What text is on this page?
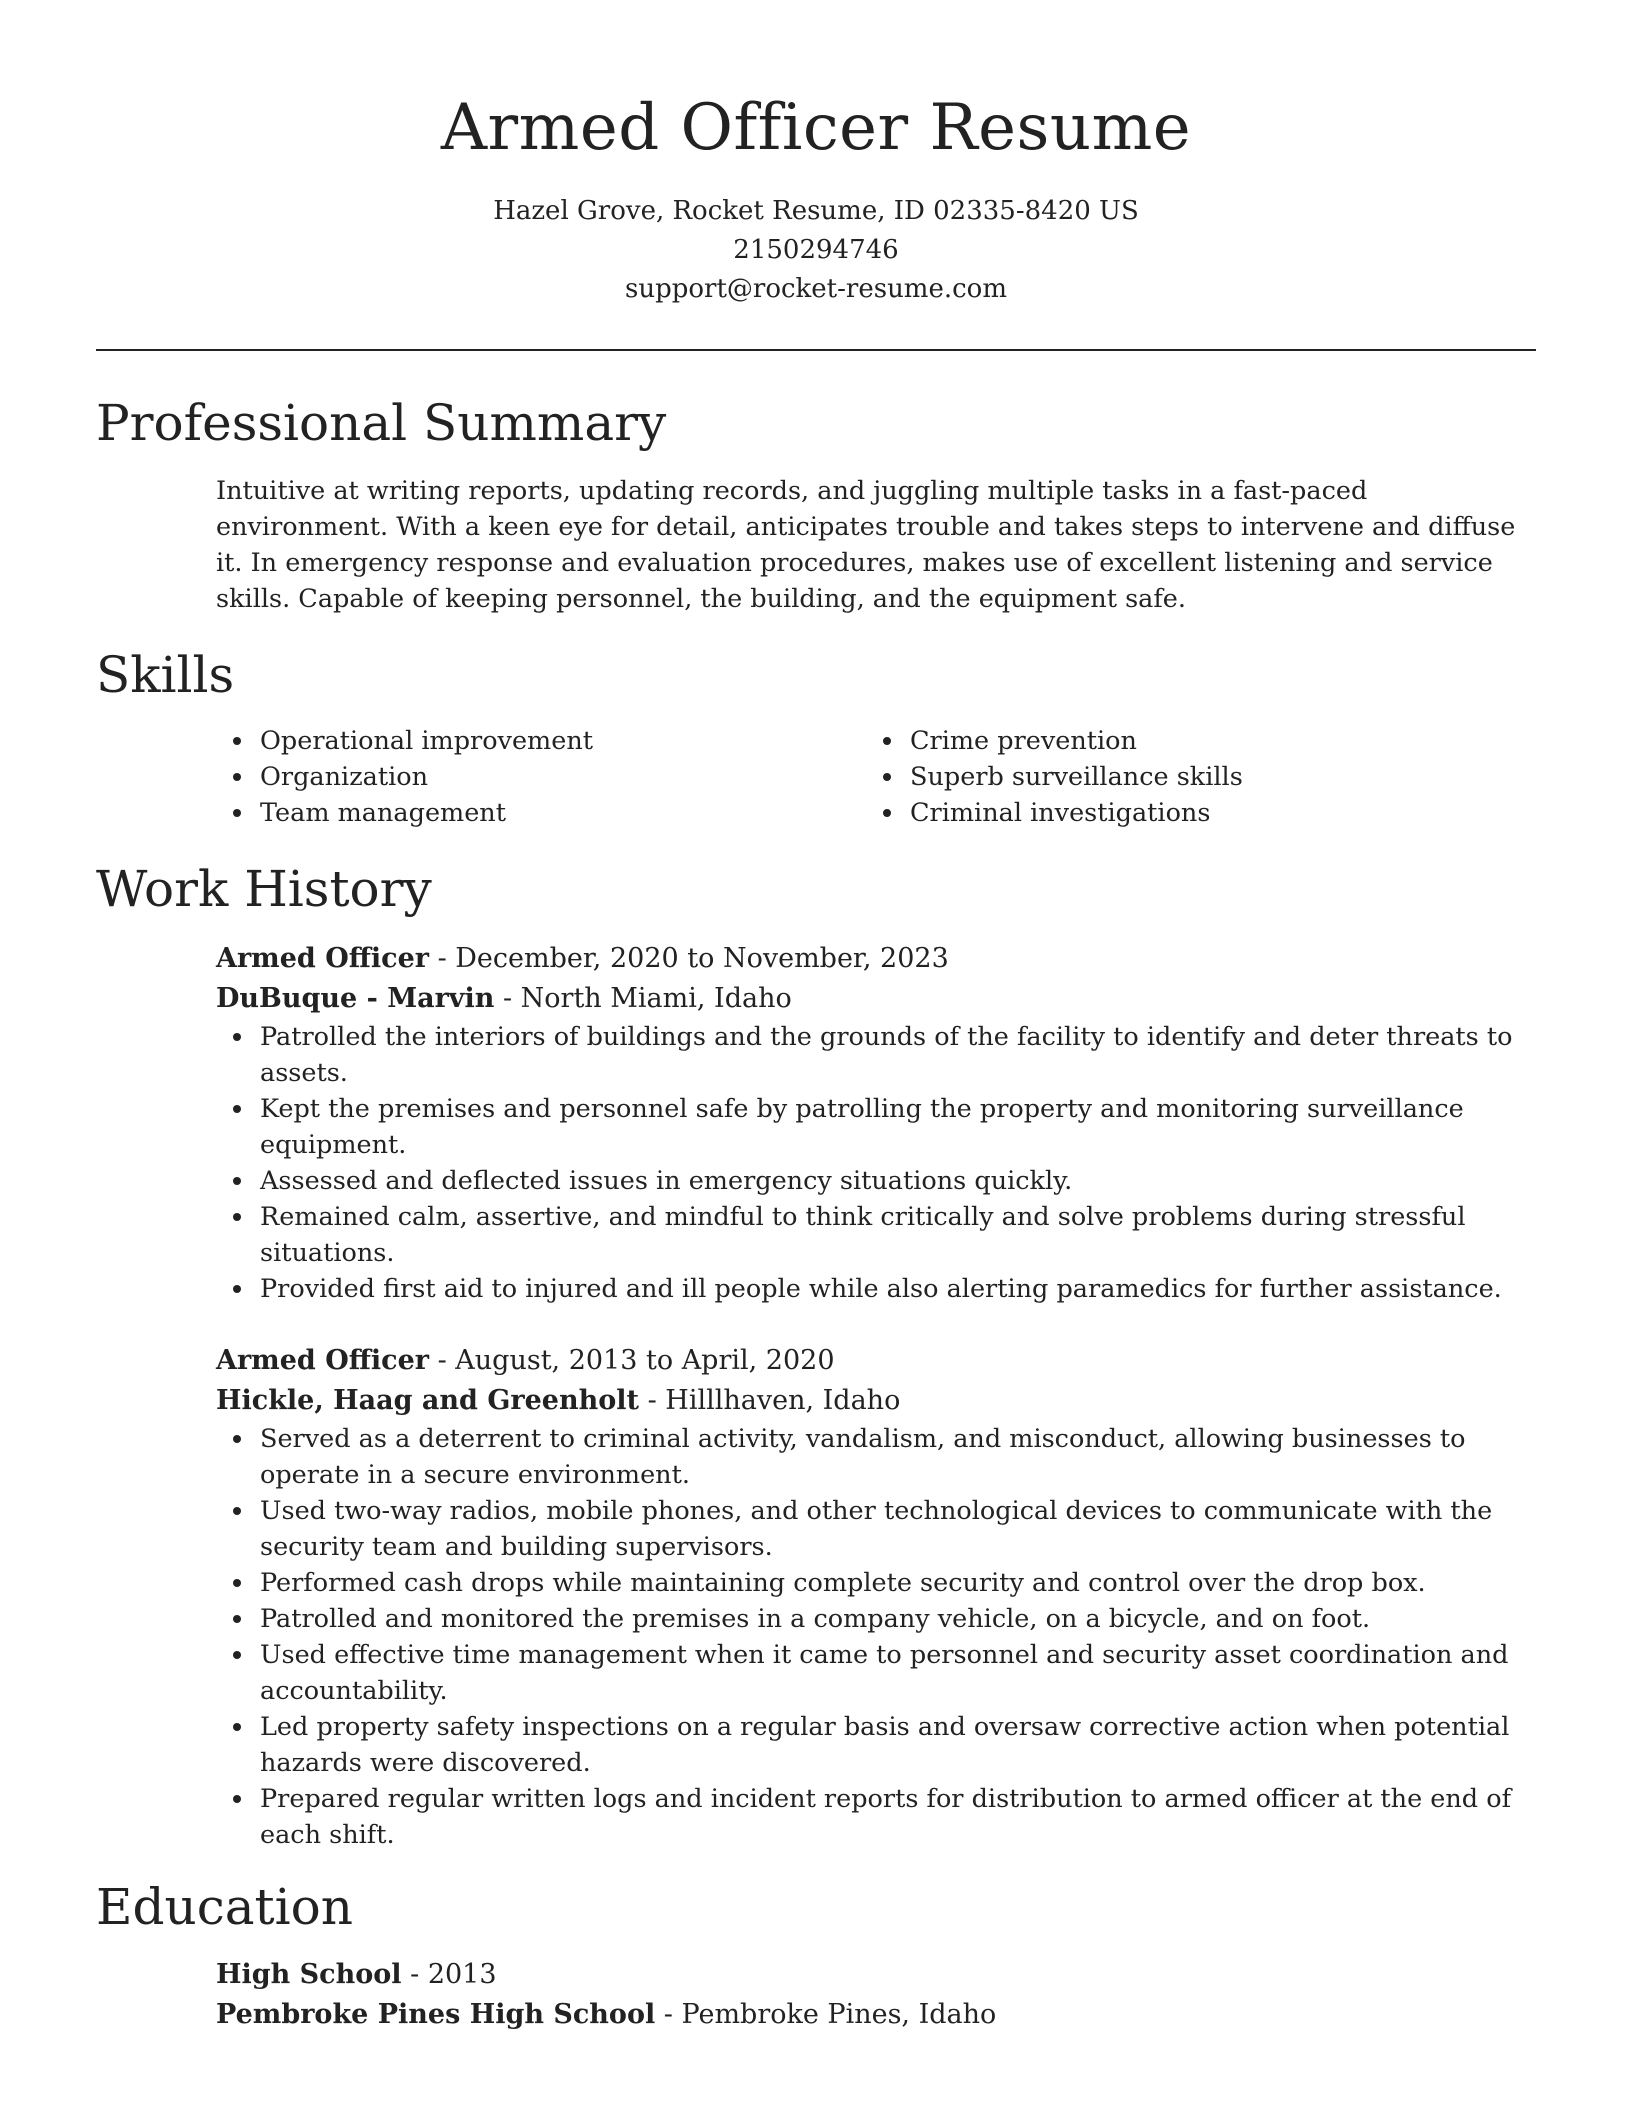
Armed Officer Resume
Hazel Grove, Rocket Resume, ID 02335-8420 US
2150294746
support@rocket-resume.com
Professional Summary
Intuitive at writing reports, updating records, and juggling multiple tasks in a fast-paced environment. With a keen eye for detail, anticipates trouble and takes steps to intervene and diffuse it. In emergency response and evaluation procedures, makes use of excellent listening and service skills. Capable of keeping personnel, the building, and the equipment safe.
Skills
Operational improvement
Organization
Team management
Crime prevention
Superb surveillance skills
Criminal investigations
Work History
Armed Officer - December, 2020 to November, 2023
DuBuque - Marvin - North Miami, Idaho
Patrolled the interiors of buildings and the grounds of the facility to identify and deter threats to assets.
Kept the premises and personnel safe by patrolling the property and monitoring surveillance equipment.
Assessed and deflected issues in emergency situations quickly.
Remained calm, assertive, and mindful to think critically and solve problems during stressful situations.
Provided first aid to injured and ill people while also alerting paramedics for further assistance.
Armed Officer - August, 2013 to April, 2020
Hickle, Haag and Greenholt - Hilllhaven, Idaho
Served as a deterrent to criminal activity, vandalism, and misconduct, allowing businesses to operate in a secure environment.
Used two-way radios, mobile phones, and other technological devices to communicate with the security team and building supervisors.
Performed cash drops while maintaining complete security and control over the drop box.
Patrolled and monitored the premises in a company vehicle, on a bicycle, and on foot.
Used effective time management when it came to personnel and security asset coordination and accountability.
Led property safety inspections on a regular basis and oversaw corrective action when potential hazards were discovered.
Prepared regular written logs and incident reports for distribution to armed officer at the end of each shift.
Education
High School - 2013
Pembroke Pines High School - Pembroke Pines, Idaho
